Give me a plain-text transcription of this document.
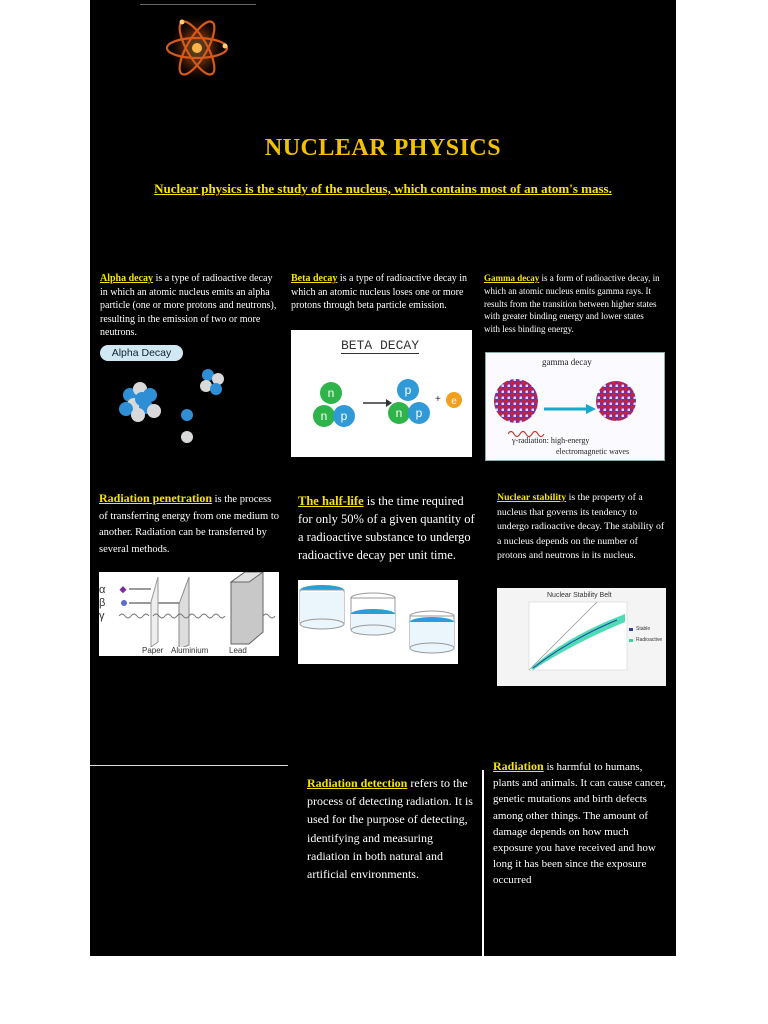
NUCLEAR PHYSICS
Nuclear physics is the study of the nucleus, which contains most of an atom's mass.
Alpha decay is a type of radioactive decay in which an atomic nucleus emits an alpha particle (one or more protons and neutrons), resulting in the emission of two or more neutrons.
Alpha Decay
Beta decay is a type of radioactive decay in which an atomic nucleus loses one or more protons through beta particle emission.
BETA DECAY
n
n p
p
n p
+ e
Gamma decay is a form of radioactive decay, in which an atomic nucleus emits gamma rays. It results from the transition between higher states with greater binding energy and lower states with less binding energy.
gamma decay
γ-radiation: high-energy
electromagnetic waves
Radiation penetration is the process of transferring energy from one medium to another. Radiation can be transferred by several methods.
α
β
γ
Paper Aluminium	Lead
The half-life is the time required for only 50% of a given quantity of a radioactive substance to undergo radioactive decay per unit time.
Nuclear stability is the property of a nucleus that governs its tendency to undergo radioactive decay. The stability of a nucleus depends on the number of protons and neutrons in its nucleus.
Nuclear Stability Belt
Stable
Radioactive
Radiation detection refers to the process of detecting radiation. It is used for the purpose of detecting, identifying and measuring radiation in both natural and artificial environments.
Radiation is harmful to humans, plants and animals. It can cause cancer, genetic mutations and birth defects among other things. The amount of damage depends on how much exposure you have received and how long it has been since the exposure occurred
